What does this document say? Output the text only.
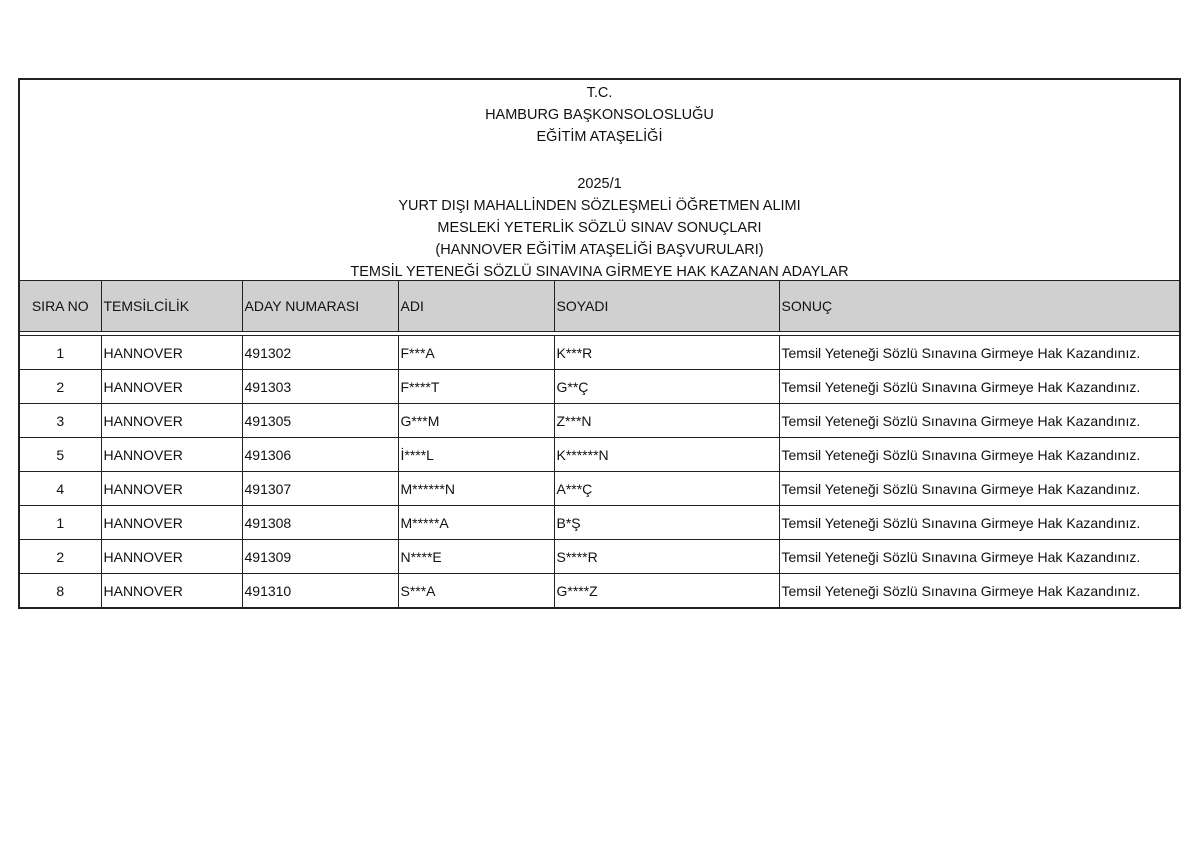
T.C.
HAMBURG BAŞKONSOLOSLUĞU
EĞİTİM ATAŞELİĞİ
2025/1
YURT DIŞI MAHALLİNDEN SÖZLEŞMELİ ÖĞRETMEN ALIMI
MESLEKİ YETERLİK SÖZLÜ SINAV SONUÇLARI
(HANNOVER EĞİTİM ATAŞELİĞİ BAŞVURULARI)
TEMSİL YETENEĞİ SÖZLÜ SINAVINA GİRMEYE HAK KAZANAN ADAYLAR
SIRA NO	TEMSİLCİLİK	ADAY NUMARASI	ADI	SOYADI	SONUÇ

1	HANNOVER	491302	F***A	K***R	Temsil Yeteneği Sözlü Sınavına Girmeye Hak Kazandınız.
2	HANNOVER	491303	F****T	G**Ç	Temsil Yeteneği Sözlü Sınavına Girmeye Hak Kazandınız.
3	HANNOVER	491305	G***M	Z***N	Temsil Yeteneği Sözlü Sınavına Girmeye Hak Kazandınız.
5	HANNOVER	491306	İ****L	K******N	Temsil Yeteneği Sözlü Sınavına Girmeye Hak Kazandınız.
4	HANNOVER	491307	M******N	A***Ç	Temsil Yeteneği Sözlü Sınavına Girmeye Hak Kazandınız.
1	HANNOVER	491308	M*****A	B*Ş	Temsil Yeteneği Sözlü Sınavına Girmeye Hak Kazandınız.
2	HANNOVER	491309	N****E	S****R	Temsil Yeteneği Sözlü Sınavına Girmeye Hak Kazandınız.
8	HANNOVER	491310	S***A	G****Z	Temsil Yeteneği Sözlü Sınavına Girmeye Hak Kazandınız.
